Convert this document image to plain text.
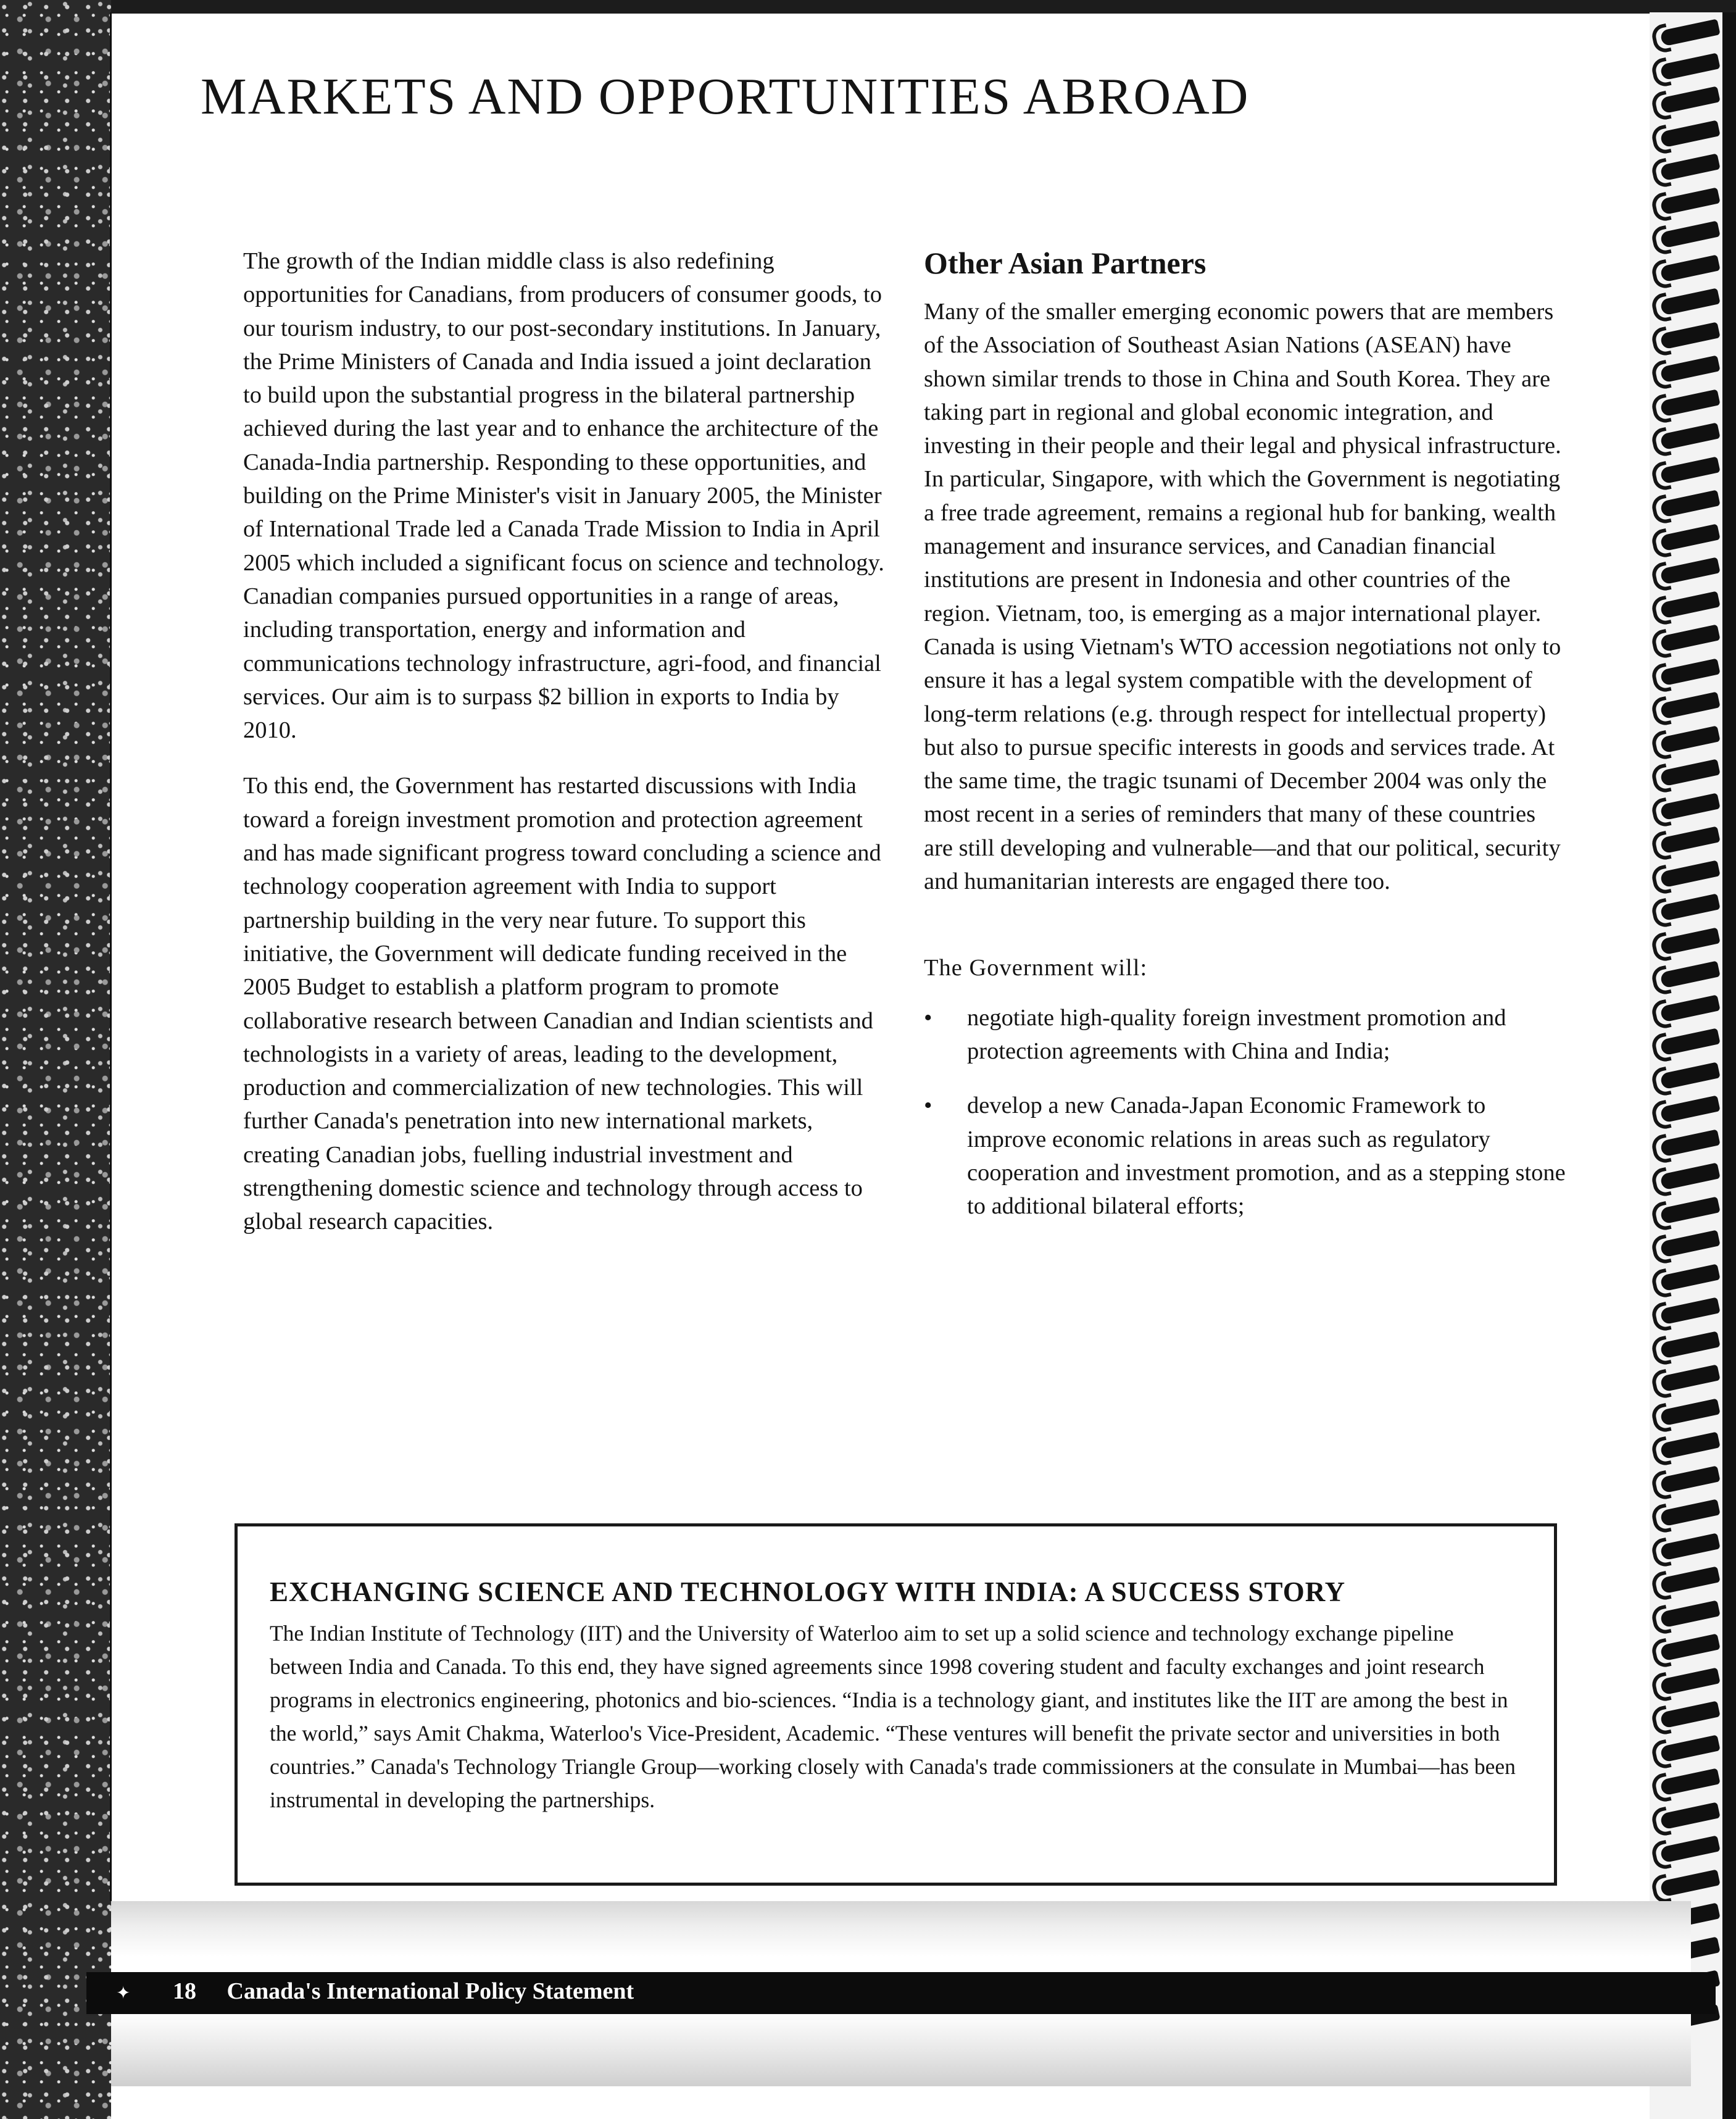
MARKETS AND OPPORTUNITIES ABROAD

The growth of the Indian middle class is also redefining opportunities for Canadians, from producers of consumer goods, to our tourism industry, to our post-secondary institutions. In January, the Prime Ministers of Canada and India issued a joint declaration to build upon the substantial progress in the bilateral partnership achieved during the last year and to enhance the architecture of the Canada-India partnership. Responding to these opportunities, and building on the Prime Minister's visit in January 2005, the Minister of International Trade led a Canada Trade Mission to India in April 2005 which included a significant focus on science and technology. Canadian companies pursued opportunities in a range of areas, including transportation, energy and information and communications technology infrastructure, agri-food, and financial services. Our aim is to surpass $2 billion in exports to India by 2010.

To this end, the Government has restarted discussions with India toward a foreign investment promotion and protection agreement and has made significant progress toward concluding a science and technology cooperation agreement with India to support partnership building in the very near future. To support this initiative, the Government will dedicate funding received in the 2005 Budget to establish a platform program to promote collaborative research between Canadian and Indian scientists and technologists in a variety of areas, leading to the development, production and commercialization of new technologies. This will further Canada's penetration into new international markets, creating Canadian jobs, fuelling industrial investment and strengthening domestic science and technology through access to global research capacities.

Other Asian Partners

Many of the smaller emerging economic powers that are members of the Association of Southeast Asian Nations (ASEAN) have shown similar trends to those in China and South Korea. They are taking part in regional and global economic integration, and investing in their people and their legal and physical infrastructure. In particular, Singapore, with which the Government is negotiating a free trade agreement, remains a regional hub for banking, wealth management and insurance services, and Canadian financial institutions are present in Indonesia and other countries of the region. Vietnam, too, is emerging as a major international player. Canada is using Vietnam's WTO accession negotiations not only to ensure it has a legal system compatible with the development of long-term relations (e.g. through respect for intellectual property) but also to pursue specific interests in goods and services trade. At the same time, the tragic tsunami of December 2004 was only the most recent in a series of reminders that many of these countries are still developing and vulnerable—and that our political, security and humanitarian interests are engaged there too.

The Government will:

•	negotiate high-quality foreign investment promotion and protection agreements with China and India;
•	develop a new Canada-Japan Economic Framework to improve economic relations in areas such as regulatory cooperation and investment promotion, and as a stepping stone to additional bilateral efforts;
EXCHANGING SCIENCE AND TECHNOLOGY WITH INDIA: A SUCCESS STORY

The Indian Institute of Technology (IIT) and the University of Waterloo aim to set up a solid science and technology exchange pipeline between India and Canada. To this end, they have signed agreements since 1998 covering student and faculty exchanges and joint research programs in electronics engineering, photonics and bio-sciences. “India is a technology giant, and institutes like the IIT are among the best in the world,” says Amit Chakma, Waterloo's Vice-President, Academic. “These ventures will benefit the private sector and universities in both countries.” Canada's Technology Triangle Group—working closely with Canada's trade commissioners at the consulate in Mumbai—has been instrumental in developing the partnerships.

✦	18 Canada's International Policy Statement
